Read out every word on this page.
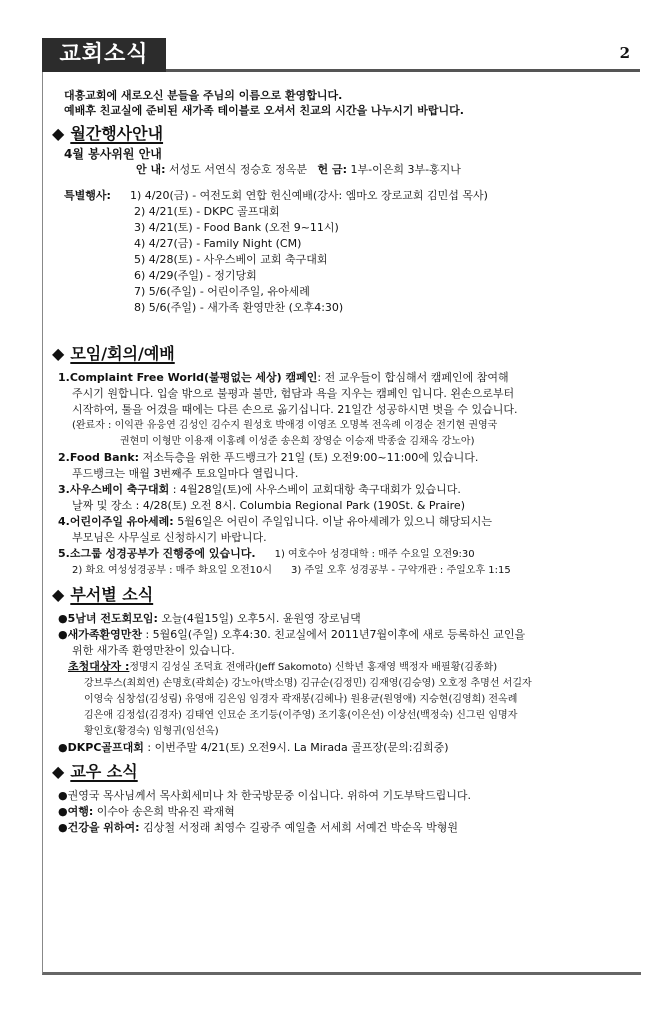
교회소식	2

대흥교회에 새로오신 분들을 주님의 이름으로 환영합니다.

예배후 친교실에 준비된 새가족 테이블로 오셔서 친교의 시간을 나누시기 바랍니다.

◆ 월간행사안내

4월 봉사위원 안내

안 내:
서성도 서연식 정승호 정옥분
헌 금:
1부-이은희 3부-홍지나
특별행사:	1) 4/20(금) - 여전도회 연합 헌신예배(강사: 엠마오 장로교회 김민섭 목사)

2) 4/21(토) - DKPC 골프대회

3) 4/21(토) - Food Bank (오전 9~11시)

4) 4/27(금) - Family Night (CM)

5) 4/28(토) - 사우스베이 교회 축구대회

6) 4/29(주일) - 정기당회

7) 5/6(주일) - 어린이주일, 유아세례

8) 5/6(주일) - 새가족 환영만찬 (오후4:30)

◆ 모임/회의/예배

1.Complaint Free World(불평없는 세상) 캠페인: 전 교우들이 합심해서 캠페인에 참여해

주시기 원합니다. 입술 밖으로 불평과 불만, 험담과 욕을 지우는 캠페인 입니다. 왼손으로부터

시작하여, 툴을 어겼을 때에는 다른 손으로 옮기십니다. 21일간 성공하시면 벗을 수 있습니다.

(완료자 : 이익관 유응연 김성인 김수지 원성호 박애경 이영조 오명복 전옥례 이경순 전기현 권영국

권현미 이형만 이용재 이홍례 이성준 송은희 장영순 이승재 박종술 김채옥 강노아)

2.Food Bank: 저소득층을 위한 푸드뱅크가 21일 (토) 오전9:00~11:00에 있습니다.

푸드뱅크는 매월 3번째주 토요일마다 열립니다.

3.사우스베이 축구대회 : 4월28일(토)에 사우스베이 교회대항 축구대회가 있습니다.

날짜 및 장소 : 4/28(토) 오전 8시. Columbia Regional Park (190St. & Praire)

4.어린이주일 유아세례: 5월6일은 어린이 주일입니다. 이날 유아세례가 있으니 해당되시는

부모님은 사무실로 신청하시기 바랍니다.

5.소그룹 성경공부가 진행중에 있습니다.      1) 여호수아 성경대학 : 매주 수요일 오전9:30

2) 화요 여성성경공부 : 매주 화요일 오전10시      3) 주일 오후 성경공부 - 구약개관 : 주일오후 1:15

◆ 부서별 소식

●5남녀 전도회모임: 오늘(4월15일) 오후5시. 윤원영 장로님댁

●새가족환영만찬 : 5월6일(주일) 오후4:30. 친교실에서 2011년7월이후에 새로 등록하신 교인을

위한 새가족 환영만찬이 있습니다.

초청대상자 :정명지 김성실 조덕효 전애라(Jeff Sakomoto) 신학년 홍재영 백정자 배필황(김종화)

강브루스(최희연) 손명호(곽희순) 강노아(박소명) 김규순(김정민) 김재영(김승영) 오호정 추명선 서길자

이영숙 심창섭(김성림) 유영애 김은임 임경자 곽재봉(김혜나) 원용균(원영애) 지승현(김영희) 전옥례

김은애 김정섭(김경자) 김태연 인묘순 조기등(이주영) 조기홍(이은선) 이상선(백정숙) 신그린 임명자

황인호(황경숙) 임형귀(임선옥)

●DKPC골프대회 : 이번주말 4/21(토) 오전9시. La Mirada 골프장(문의:김희중)

◆ 교우 소식

●권영국 목사님께서 목사회세미나 차 한국방문중 이십니다. 위하여 기도부탁드립니다.

●여행: 이수아 송은희 박유진 곽재혁

●건강을 위하여: 김상철 서정래 최영수 길광주 예일출 서세희 서예건 박순옥 박형원
